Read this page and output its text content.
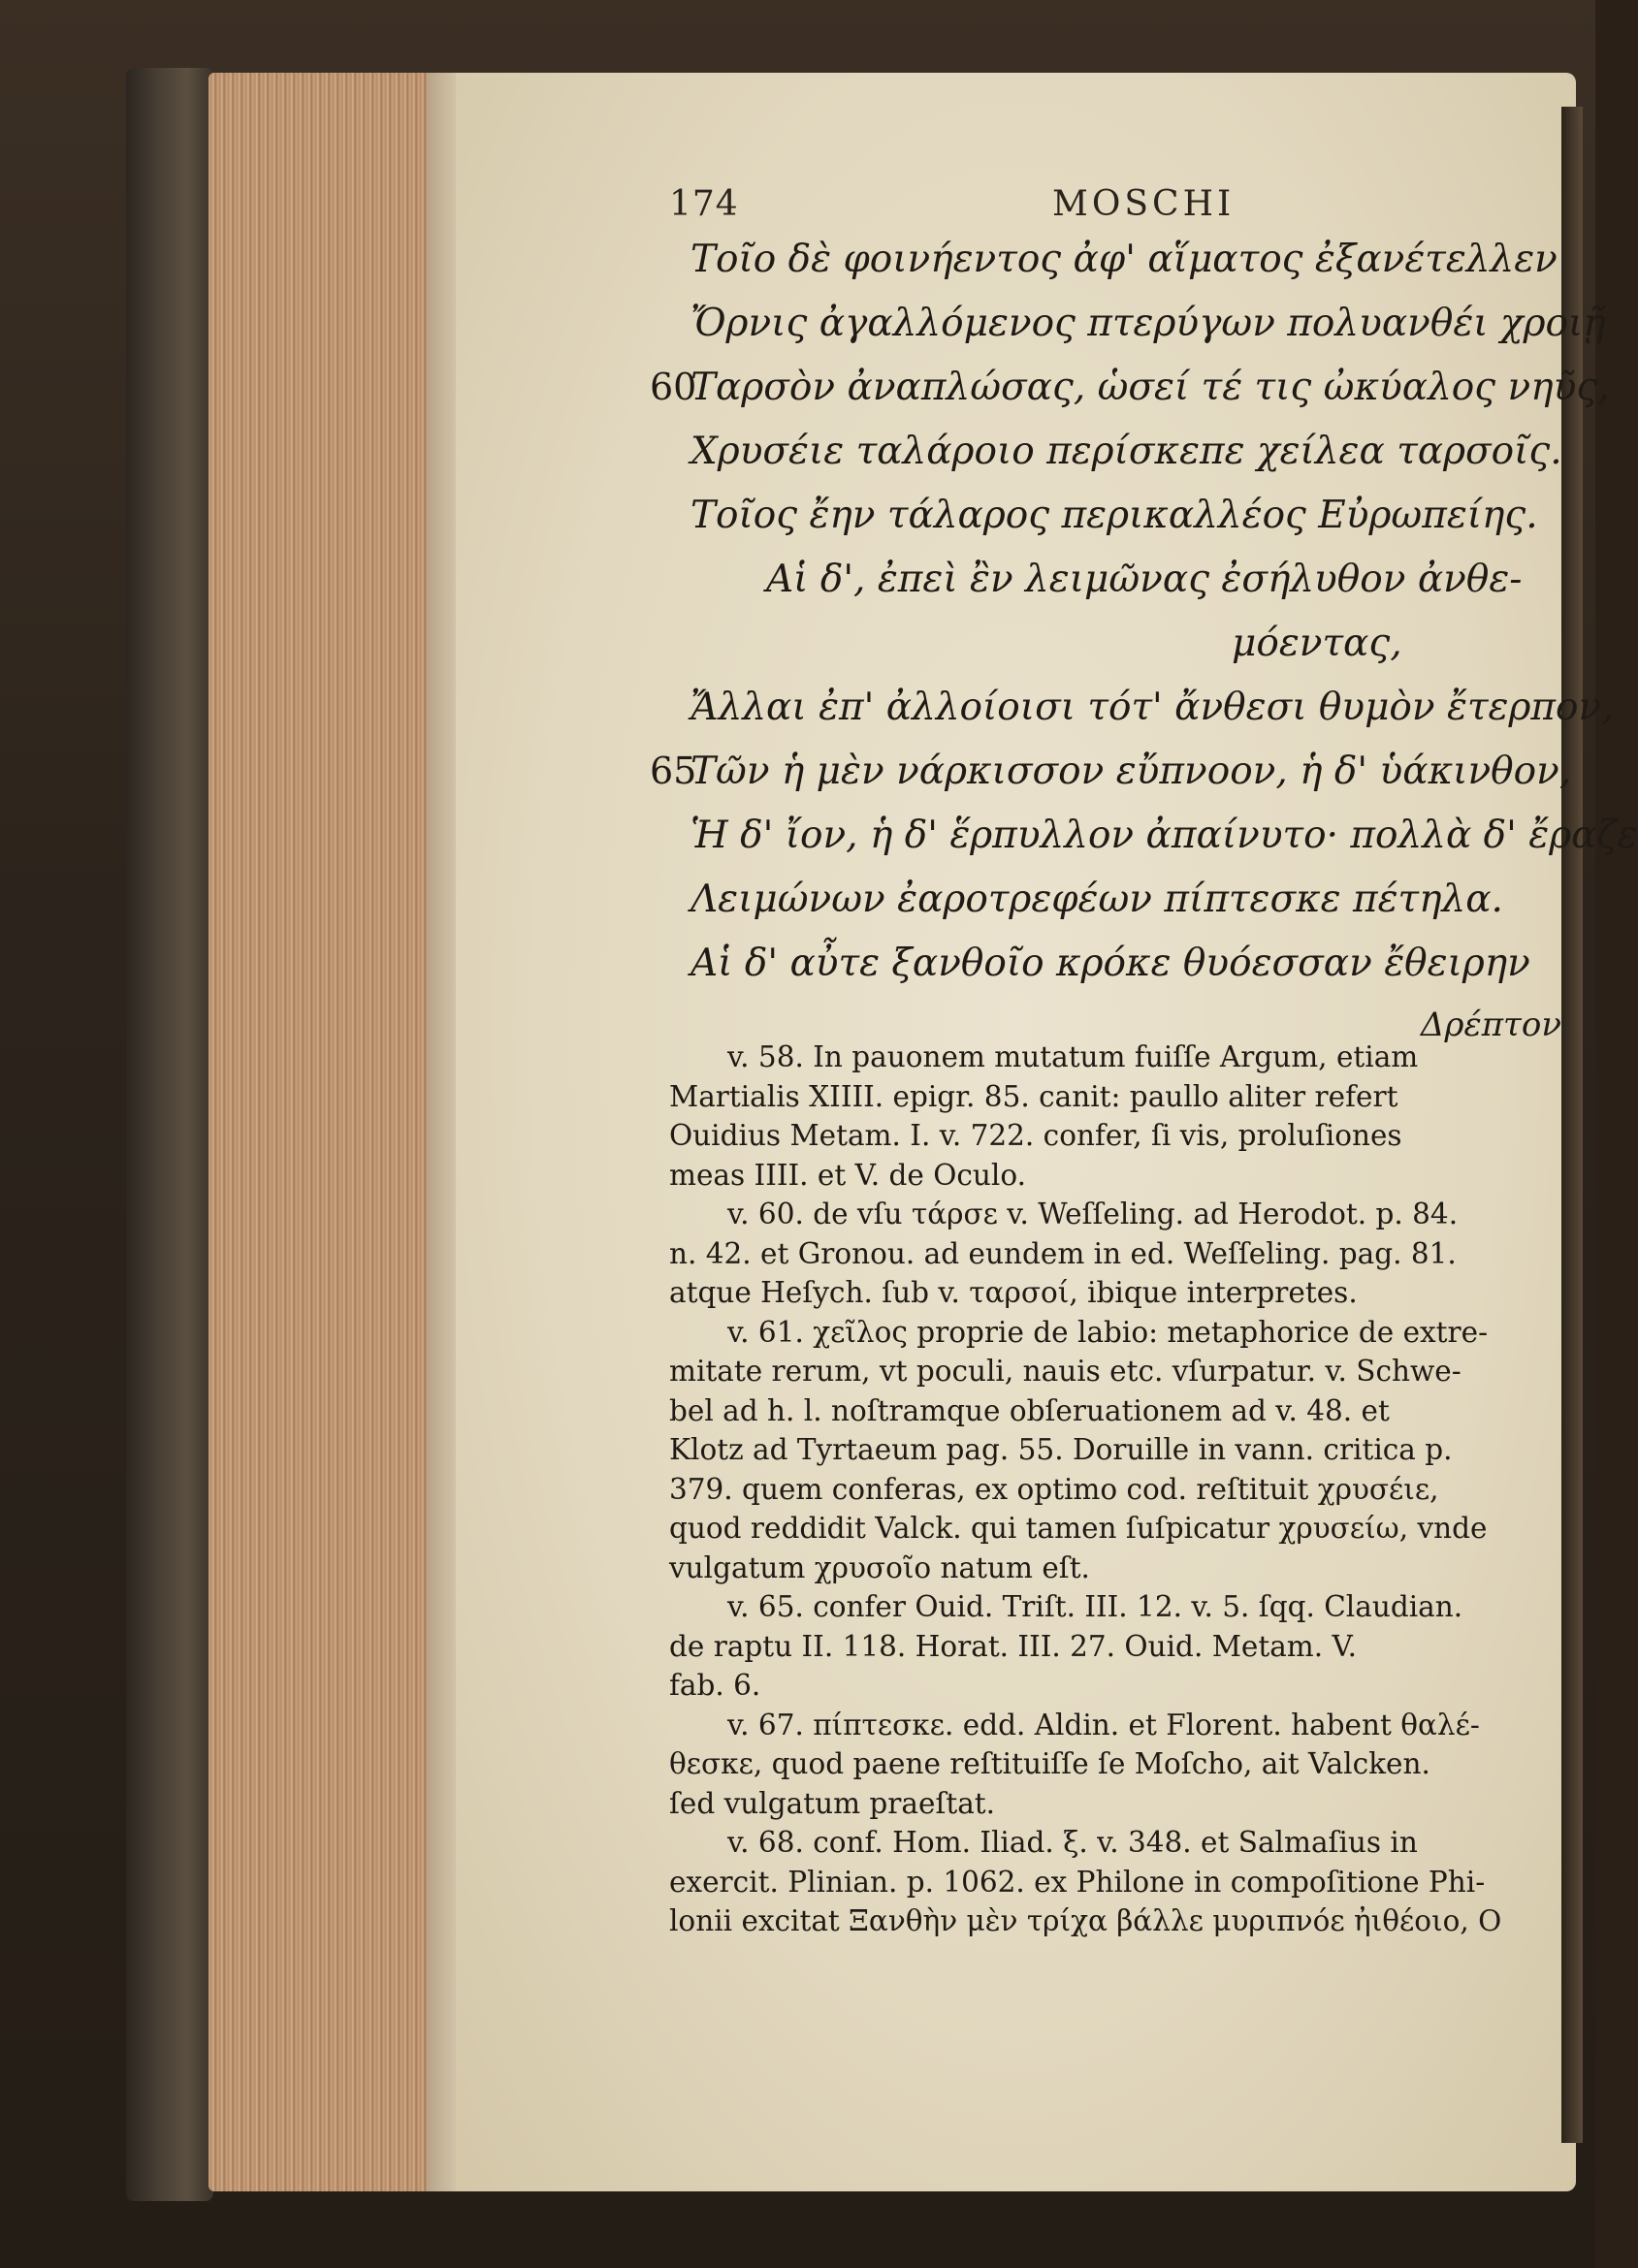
174	MOSCHI
Τοῖο δὲ φοινήεντος ἀφ' αἵματος ἐξανέτελλεν
Ὄρνις ἀγαλλόμενος πτερύγων πολυανθέι χροιῇ
60
Ταρσὸν ἀναπλώσας, ὡσεί τέ τις ὠκύαλος νηῦς,
Χρυσέιε ταλάροιο περίσκεπε χείλεα ταρσοῖς.
Τοῖος ἔην τάλαρος περικαλλέος Εὐρωπείης.
Αἱ δ', ἐπεὶ ἒν λειμῶνας ἐσήλυθον ἀνθε-
μόεντας,
Ἄλλαι ἐπ' ἀλλοίοισι τότ' ἄνθεσι θυμὸν ἔτερπον,
65
Τῶν ἡ μὲν νάρκισσον εὔπνοον, ἡ δ' ὑάκινθον,
Ἡ δ' ἴον, ἡ δ' ἕρπυλλον ἀπαίνυτο· πολλὰ δ' ἔραζε
Λειμώνων ἐαροτρεφέων πίπτεσκε πέτηλα.
Αἱ δ' αὖτε ξανθοῖο κρόκε θυόεσσαν ἔθειρην
Δρέπτον
v. 58. In pauonem mutatum fuiſſe Argum, etiam
Martialis XIIII. epigr. 85. canit: paullo aliter refert
Ouidius Metam. I. v. 722. confer, ſi vis, proluſiones
meas IIII. et V. de Oculo.
v. 60. de vſu τάρσε v. Weſſeling. ad Herodot. p. 84.
n. 42. et Gronou. ad eundem in ed. Weſſeling. pag. 81.
atque Heſych. ſub v. ταρσοί, ibique interpretes.
v. 61. χεῖλος proprie de labio: metaphorice de extre-
mitate rerum, vt poculi, nauis etc. vſurpatur. v. Schwe-
bel ad h. l. noſtramque obſeruationem ad v. 48. et
Klotz ad Tyrtaeum pag. 55. Doruille in vann. critica p.
379. quem conferas, ex optimo cod. reſtituit χρυσέιε,
quod reddidit Valck. qui tamen ſuſpicatur χρυσείω, vnde
vulgatum χρυσοῖο natum eſt.
v. 65. confer Ouid. Triſt. III. 12. v. 5. ſqq. Claudian.
de raptu II. 118. Horat. III. 27. Ouid. Metam. V.
fab. 6.
v. 67. πίπτεσκε. edd. Aldin. et Florent. habent θαλέ-
θεσκε, quod paene reſtituiſſe ſe Moſcho, ait Valcken.
ſed vulgatum praeſtat.
v. 68. conf. Hom. Iliad. ξ. v. 348. et Salmaſius in
exercit. Plinian. p. 1062. ex Philone in compoſitione Phi-
lonii excitat Ξανθὴν μὲν τρίχα βάλλε μυριπνόε ἠιθέοιο, Ο
